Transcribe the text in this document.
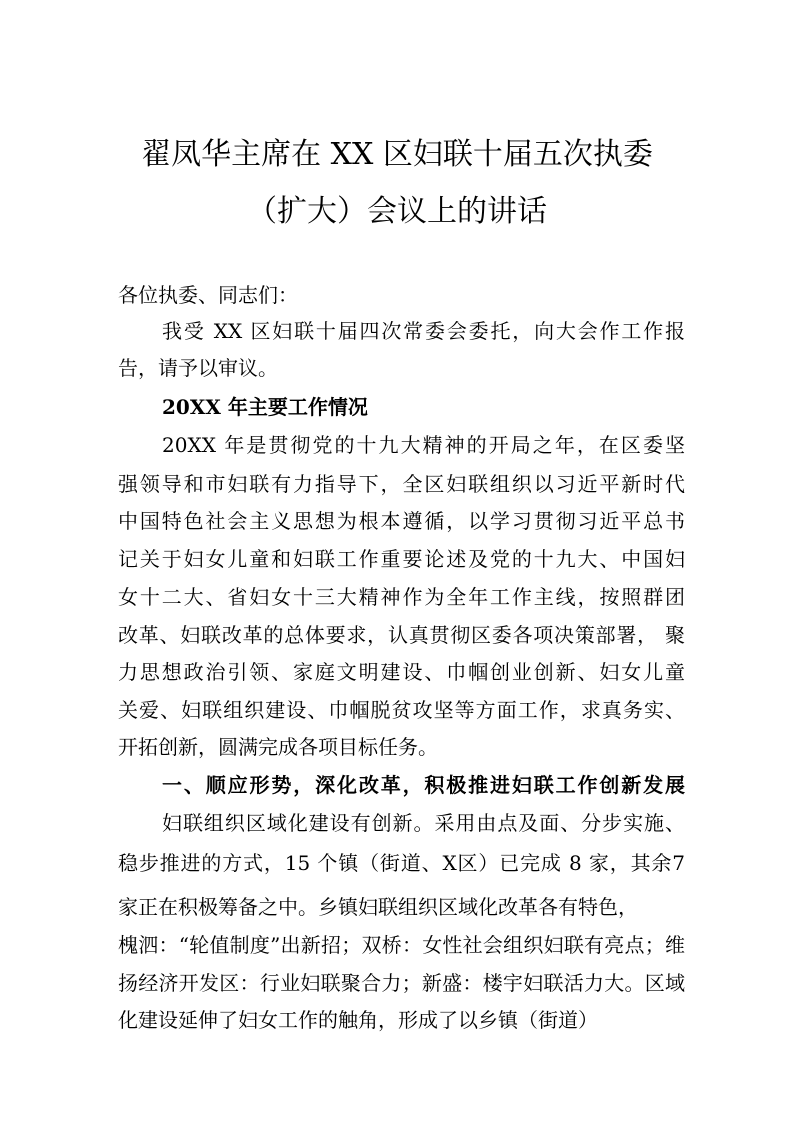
翟凤华主席在 XX 区妇联十届五次执委
（扩大）会议上的讲话
各位执委、同志们：
我受 XX 区妇联十届四次常委会委托，向大会作工作报
告，请予以审议。
20XX 年主要工作情况
20XX 年是贯彻党的十九大精神的开局之年，在区委坚
强领导和市妇联有力指导下，全区妇联组织以习近平新时代
中国特色社会主义思想为根本遵循，以学习贯彻习近平总书
记关于妇女儿童和妇联工作重要论述及党的十九大、中国妇
女十二大、省妇女十三大精神作为全年工作主线，按照群团
改革、妇联改革的总体要求，认真贯彻区委各项决策部署， 聚
力思想政治引领、家庭文明建设、巾帼创业创新、妇女儿童
关爱、妇联组织建设、巾帼脱贫攻坚等方面工作，求真务实、
开拓创新，圆满完成各项目标任务。
一、顺应形势，深化改革，积极推进妇联工作创新发展
妇联组织区域化建设有创新。采用由点及面、分步实施、
稳步推进的方式，15 个镇（街道、X区）已完成 8 家，其余7
家正在积极筹备之中。乡镇妇联组织区域化改革各有特色，
槐泗：“轮值制度”出新招；双桥：女性社会组织妇联有亮点；维
扬经济开发区：行业妇联聚合力；新盛：楼宇妇联活力大。区域
化建设延伸了妇女工作的触角，形成了以乡镇（街道）
